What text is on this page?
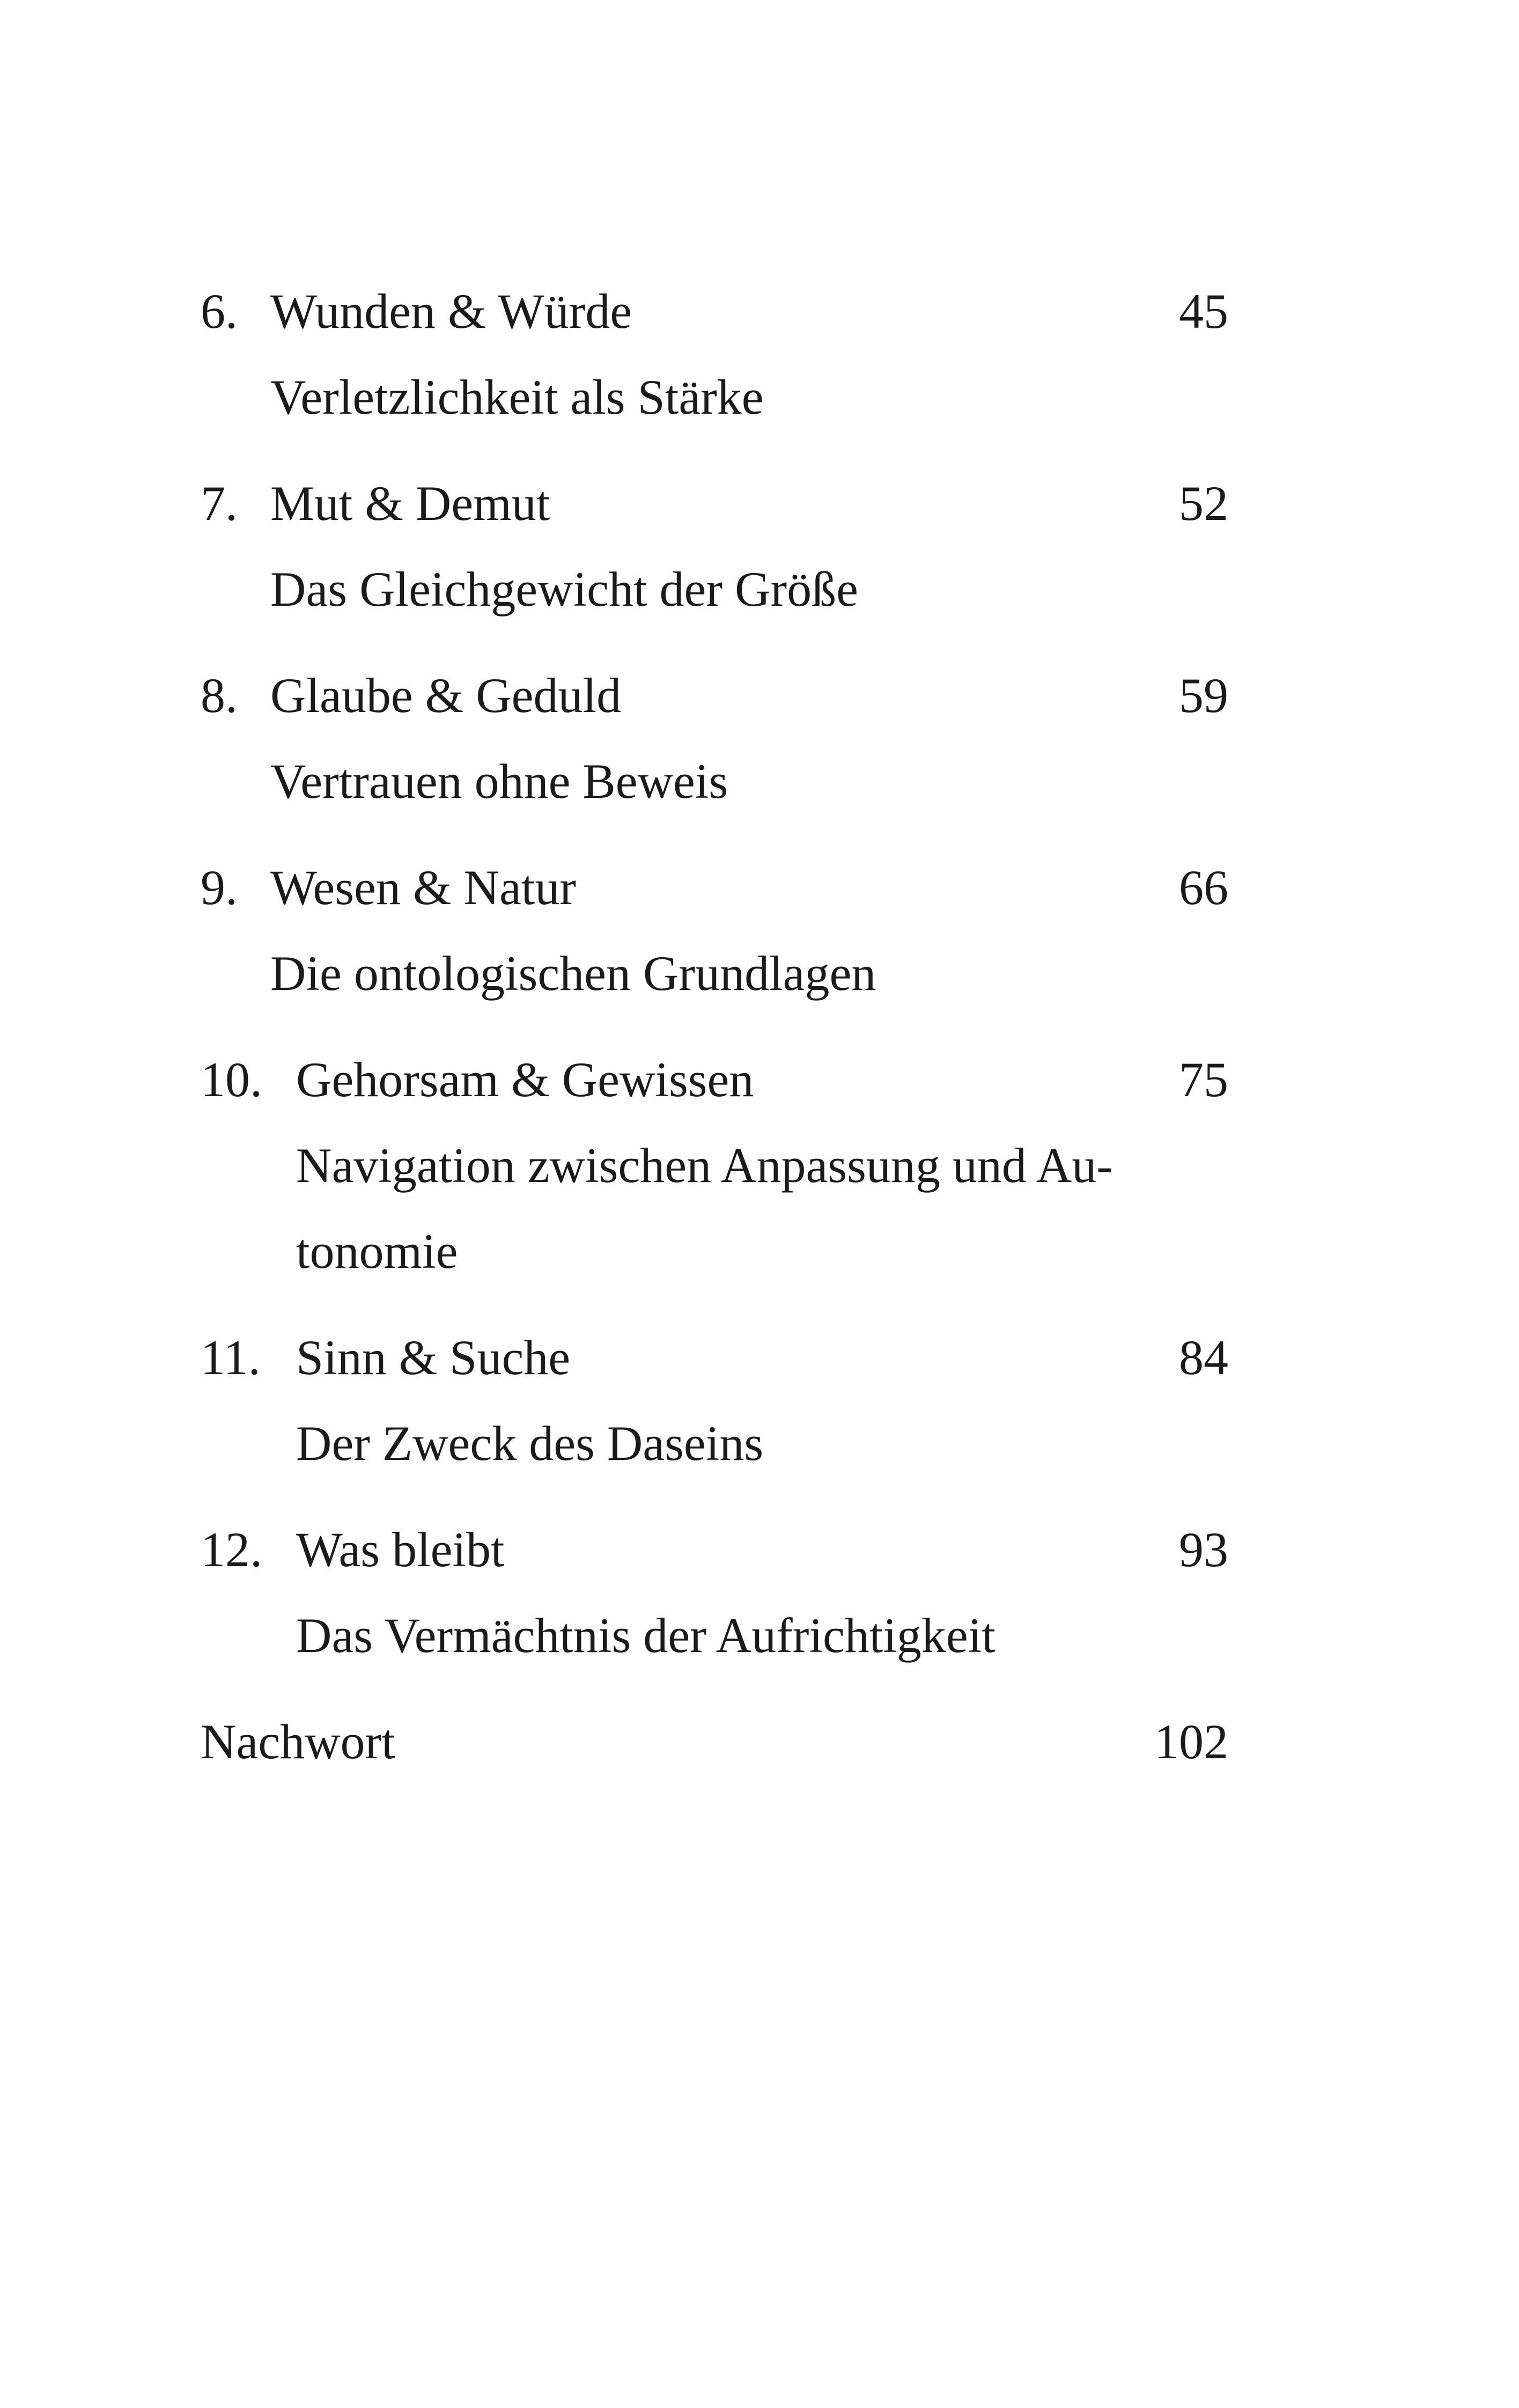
6. Wunden & Würde	45
Verletzlichkeit als Stärke
7. Mut & Demut	52
Das Gleichgewicht der Größe
8. Glaube & Geduld	59
Vertrauen ohne Beweis
9. Wesen & Natur	66
Die ontologischen Grundlagen
10. Gehorsam & Gewissen	75
Navigation zwischen Anpassung und Au-
tonomie
11. Sinn & Suche	84
Der Zweck des Daseins
12. Was bleibt	93
Das Vermächtnis der Aufrichtigkeit
Nachwort	102
